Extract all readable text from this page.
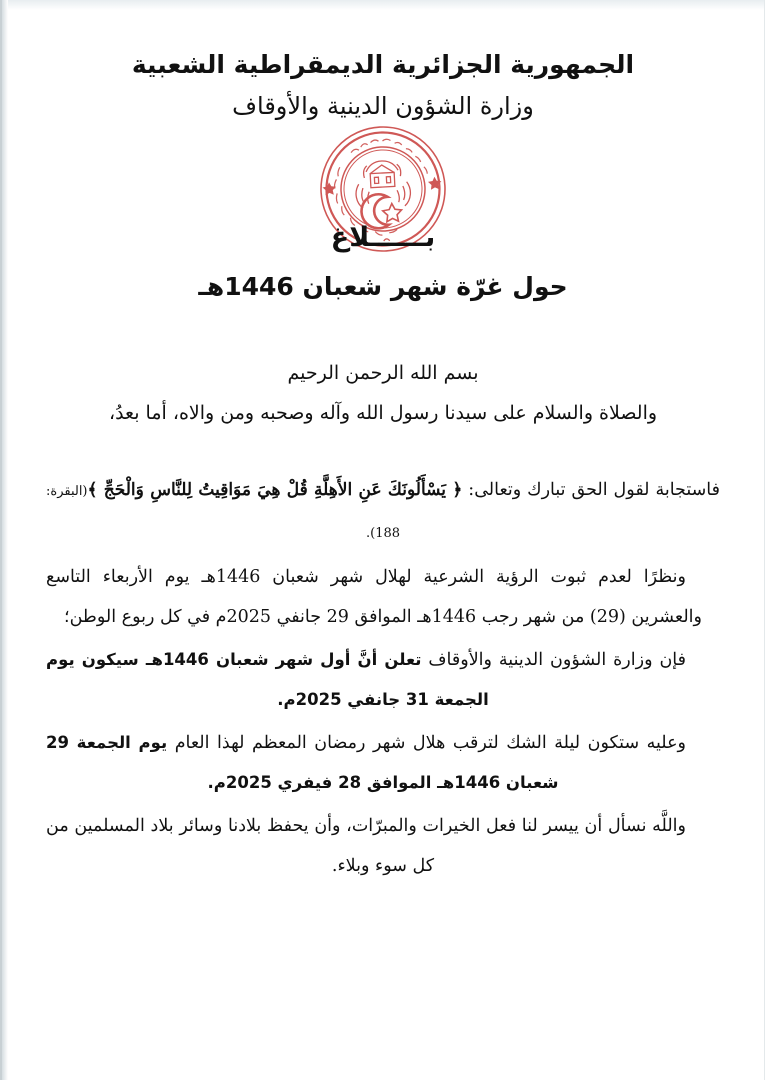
الجمهورية الجزائرية الديمقراطية الشعبية
وزارة الشؤون الدينية والأوقاف
بــــــلاغ
حول غرّة شهر شعبان 1446هـ
بسم الله الرحمن الرحيم
والصلاة والسلام على سيدنا رسول الله وآله وصحبه ومن والاه، أما بعدُ،

فاستجابة لقول الحق تبارك وتعالى: ﴿ يَسْأَلُونَكَ عَنِ الأَهِلَّةِ قُلْ هِيَ مَوَاقِيتُ لِلنَّاسِ وَالْحَجِّ ﴾(البقرة: 188).

ونظرًا لعدم ثبوت الرؤية الشرعية لهلال شهر شعبان 1446هـ يوم الأربعاء التاسع والعشرين (29) من شهر رجب 1446هـ الموافق 29 جانفي 2025م في كل ربوع الوطن؛

فإن وزارة الشؤون الدينية والأوقاف تعلن أنَّ أول شهر شعبان 1446هـ سيكون يوم الجمعة 31 جانفي 2025م.

وعليه ستكون ليلة الشك لترقب هلال شهر رمضان المعظم لهذا العام يوم الجمعة 29 شعبان 1446هـ الموافق 28 فيفري 2025م.

واللَّه نسأل أن ييسر لنا فعل الخيرات والمبرّات، وأن يحفظ بلادنا وسائر بلاد المسلمين من كل سوء وبلاء.
